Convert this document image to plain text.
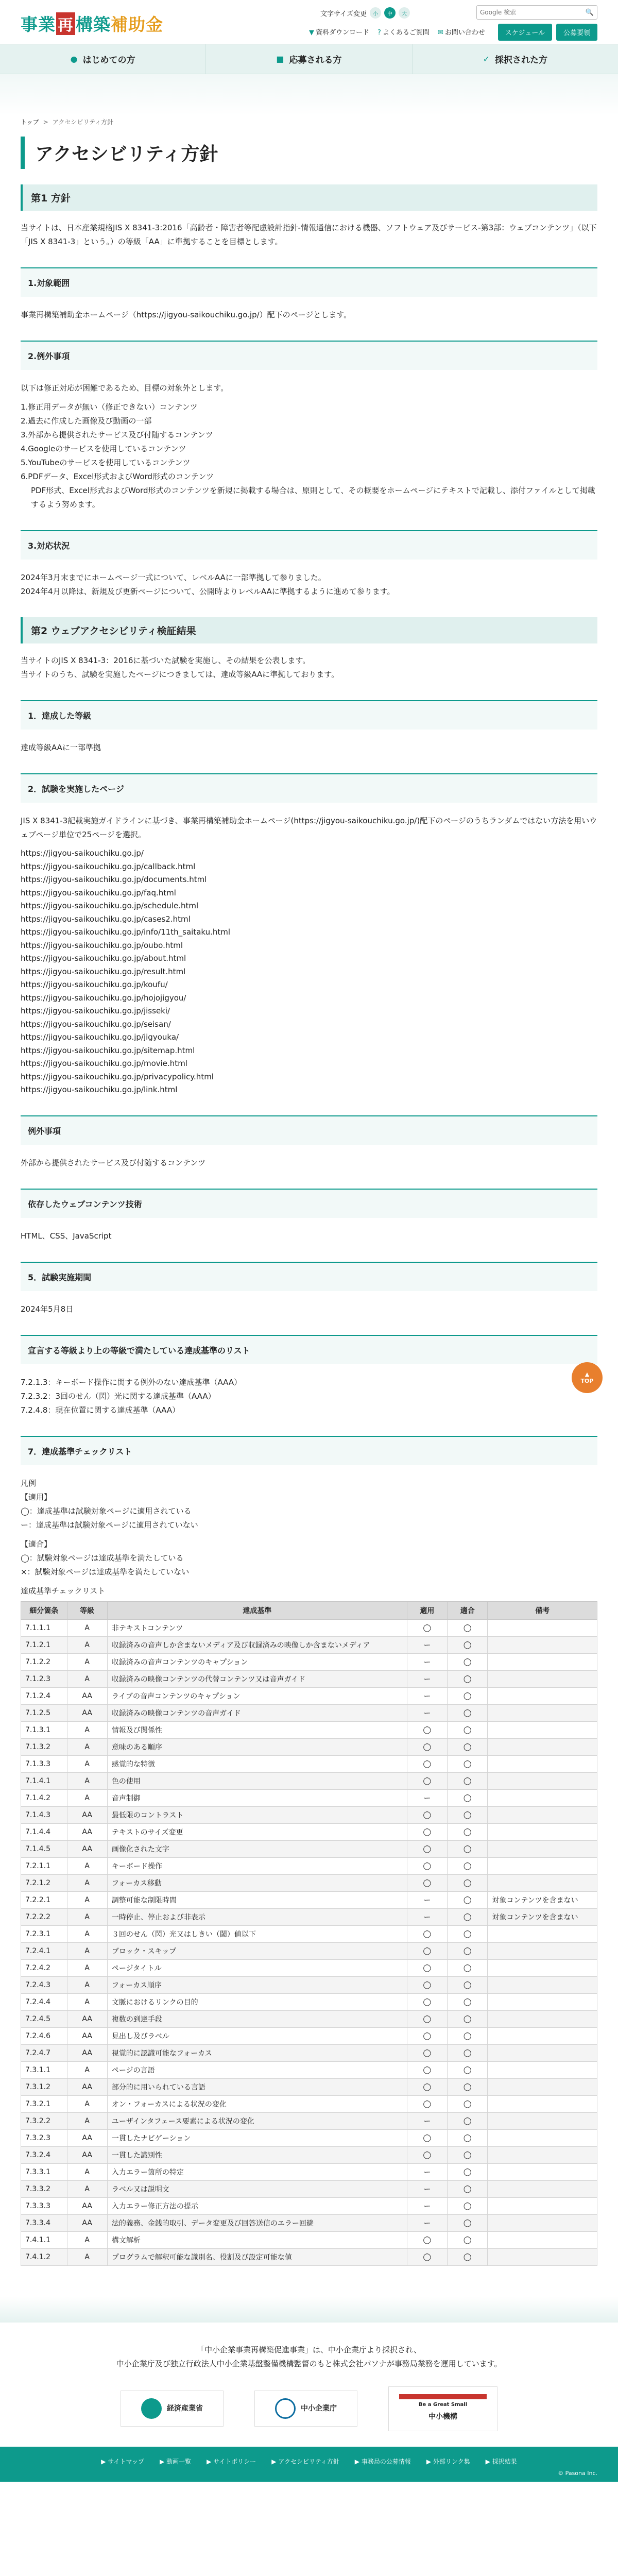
事業 再 構築 補助金
文字サイズ変更	小	中	大
Google 検索	🔍
▼ 資料ダウンロード ? よくあるご質問 ✉ お問い合わせ	スケジュール	公募要領
● はじめての方	■ 応募される方	✓ 採択された方
トップ > アクセシビリティ方針
アクセシビリティ方針
第1 方針

当サイトは、日本産業規格JIS X 8341-3:2016「高齢者・障害者等配慮設計指針-情報通信における機器、ソフトウェア及びサービス-第3部：ウェブコンテンツ」（以下「JIS X 8341-3」という。）の等級「AA」に準拠することを目標とします。

1.対象範囲

事業再構築補助金ホームページ（https://jigyou-saikouchiku.go.jp/）配下のページとします。

2.例外事項

以下は修正対応が困難であるため、目標の対象外とします。

1.修正用データが無い（修正できない）コンテンツ
2.過去に作成した画像及び動画の一部
3.外部から提供されたサービス及び付随するコンテンツ
4.Googleのサービスを使用しているコンテンツ
5.YouTubeのサービスを使用しているコンテンツ
6.PDFデータ、Excel形式およびWord形式のコンテンツ
PDF形式、Excel形式およびWord形式のコンテンツを新規に掲載する場合は、原則として、その概要をホームページにテキストで記載し、添付ファイルとして掲載するよう努めます。
3.対応状況

2024年3月末までにホームページ一式について、レベルAAに一部準拠して参りました。

2024年4月以降は、新規及び更新ページについて、公開時よりレベルAAに準拠するように進めて参ります。

第2 ウェブアクセシビリティ検証結果

当サイトのJIS X 8341-3：2016に基づいた試験を実施し、その結果を公表します。

当サイトのうち、試験を実施したページにつきましては、達成等級AAに準拠しております。

1．達成した等級

達成等級AAに一部準拠

2．試験を実施したページ

JIS X 8341-3記載実施ガイドラインに基づき、事業再構築補助金ホームページ(https://jigyou-saikouchiku.go.jp/)配下のページのうちランダムではない方法を用いウェブページ単位で25ページを選択。

https://jigyou-saikouchiku.go.jp/
https://jigyou-saikouchiku.go.jp/callback.html
https://jigyou-saikouchiku.go.jp/documents.html
https://jigyou-saikouchiku.go.jp/faq.html
https://jigyou-saikouchiku.go.jp/schedule.html
https://jigyou-saikouchiku.go.jp/cases2.html
https://jigyou-saikouchiku.go.jp/info/11th_saitaku.html
https://jigyou-saikouchiku.go.jp/oubo.html
https://jigyou-saikouchiku.go.jp/about.html
https://jigyou-saikouchiku.go.jp/result.html
https://jigyou-saikouchiku.go.jp/koufu/
https://jigyou-saikouchiku.go.jp/hojojigyou/
https://jigyou-saikouchiku.go.jp/jisseki/
https://jigyou-saikouchiku.go.jp/seisan/
https://jigyou-saikouchiku.go.jp/jigyouka/
https://jigyou-saikouchiku.go.jp/sitemap.html
https://jigyou-saikouchiku.go.jp/movie.html
https://jigyou-saikouchiku.go.jp/privacypolicy.html
https://jigyou-saikouchiku.go.jp/link.html
例外事項

外部から提供されたサービス及び付随するコンテンツ

依存したウェブコンテンツ技術

HTML、CSS、JavaScript

5．試験実施期間

2024年5月8日

宣言する等級より上の等級で満たしている達成基準のリスト
7.2.1.3：キーボード操作に関する例外のない達成基準（AAA）
7.2.3.2：3回のせん（閃）光に関する達成基準（AAA）
7.2.4.8：現在位置に関する達成基準（AAA）
7．達成基準チェックリスト

凡例

【適用】

◯：達成基準は試験対象ページに適用されている

ー：達成基準は試験対象ページに適用されていない

【適合】

◯：試験対象ページは達成基準を満たしている

×：試験対象ページは達成基準を満たしていない

達成基準チェックリスト

細分箇条	等級	達成基準	適用	適合	備考
7.1.1.1	A	非テキストコンテンツ	◯	◯	
7.1.2.1	A	収録済みの音声しか含まないメディア及び収録済みの映像しか含まないメディア	ー	◯	
7.1.2.2	A	収録済みの音声コンテンツのキャプション	ー	◯	
7.1.2.3	A	収録済みの映像コンテンツの代替コンテンツ又は音声ガイド	ー	◯	
7.1.2.4	AA	ライブの音声コンテンツのキャプション	ー	◯	
7.1.2.5	AA	収録済みの映像コンテンツの音声ガイド	ー	◯	
7.1.3.1	A	情報及び関係性	◯	◯	
7.1.3.2	A	意味のある順序	◯	◯	
7.1.3.3	A	感覚的な特徴	◯	◯	
7.1.4.1	A	色の使用	◯	◯	
7.1.4.2	A	音声制御	ー	◯	
7.1.4.3	AA	最低限のコントラスト	◯	◯	
7.1.4.4	AA	テキストのサイズ変更	◯	◯	
7.1.4.5	AA	画像化された文字	◯	◯	
7.2.1.1	A	キーボード操作	◯	◯	
7.2.1.2	A	フォーカス移動	◯	◯	
7.2.2.1	A	調整可能な制限時間	ー	◯	対象コンテンツを含まない
7.2.2.2	A	一時停止、停止および非表示	ー	◯	対象コンテンツを含まない
7.2.3.1	A	３回のせん（閃）光又はしきい（閾）値以下	◯	◯	
7.2.4.1	A	ブロック・スキップ	◯	◯	
7.2.4.2	A	ページタイトル	◯	◯	
7.2.4.3	A	フォーカス順序	◯	◯	
7.2.4.4	A	文脈におけるリンクの目的	◯	◯	
7.2.4.5	AA	複数の到達手段	◯	◯	
7.2.4.6	AA	見出し及びラベル	◯	◯	
7.2.4.7	AA	視覚的に認識可能なフォーカス	◯	◯	
7.3.1.1	A	ページの言語	◯	◯	
7.3.1.2	AA	部分的に用いられている言語	◯	◯	
7.3.2.1	A	オン・フォーカスによる状況の変化	◯	◯	
7.3.2.2	A	ユーザインタフェース要素による状況の変化	ー	◯	
7.3.2.3	AA	一貫したナビゲーション	◯	◯	
7.3.2.4	AA	一貫した識別性	◯	◯	
7.3.3.1	A	入力エラー箇所の特定	ー	◯	
7.3.3.2	A	ラベル又は説明文	ー	◯	
7.3.3.3	AA	入力エラー修正方法の提示	ー	◯	
7.3.3.4	AA	法的義務、金銭的取引、データ変更及び回答送信のエラー回避	ー	◯	
7.4.1.1	A	構文解析	◯	◯	
7.4.1.2	A	プログラムで解釈可能な識別名、役割及び設定可能な値	◯	◯	
▲
TOP

「中小企業事業再構築促進事業」は、中小企業庁より採択され、

中小企業庁及び独立行政法人中小企業基盤整備機構監督のもと株式会社パソナが事務局業務を運用しています。

経済産業省	中小企業庁	Be a Great Small
中小機構
▶ サイトマップ	▶ 動画一覧	▶ サイトポリシー	▶ アクセシビリティ方針	▶ 事務局の公募情報	▶ 外部リンク集	▶ 採択結果
© Pasona Inc.
